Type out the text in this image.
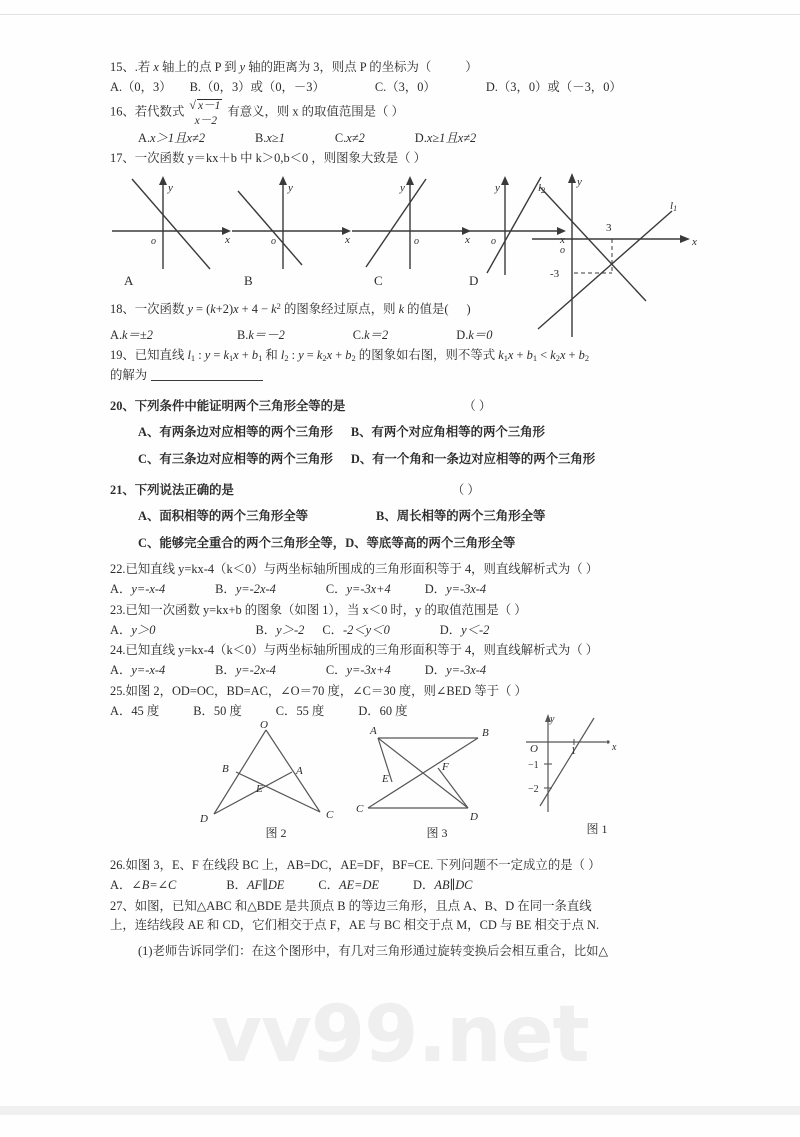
vv99.net
15、.若 x 轴上的点 P 到 y 轴的距离为 3，则点 P 的坐标为（	）
A.（0，3） B.（0，3）或（0，－3）	C.（3，0）	D.（3，0）或（－3，0）
16、若代数式 √ x－1
x－2
有意义，则 x 的取值范围是（ ）
A.x＞1且x≠2	B.x≥1	C.x≠2	D.x≥1且x≠2
17、一次函数 y＝kx＋b 中 k＞0,b＜0 ，则图象大致是（ ）
y
x
o
A
y
x
o
B
y
x
o
C
y
x
o
D
y
x
o
3
-3
l2
l1
18、一次函数 $y = (k+2)x + 4 - k^2$ 的图象经过原点，则 k 的值是( )
A.k＝±2	B.k＝－2	C.k＝2	D.k＝0
19、已知直线 $l_1$ : $y = k_1x + b_1$ 和 $l_2$ : $y = k_2x + b_2$ 的图象如右图，则不等式 $k_1x + b_1 < k_2x + b_2$
的解为
20、下列条件中能证明两个三角形全等的是	（ ）
A、有两条边对应相等的两个三角形 B、有两个对应角相等的两个三角形
C、有三条边对应相等的两个三角形 D、有一个角和一条边对应相等的两个三角形
21、下列说法正确的是	（ ）
A、面积相等的两个三角形全等	B、周长相等的两个三角形全等
C、能够完全重合的两个三角形全等，D、等底等高的两个三角形全等
22.已知直线 y=kx-4（k＜0）与两坐标轴所围成的三角形面积等于 4，则直线解析式为（ ）
A．y=-x-4	B．y=-2x-4	C．y=-3x+4	D．y=-3x-4
23.已知一次函数 y=kx+b 的图象（如图 1），当 x＜0 时，y 的取值范围是（ ）
A．y＞0	B．y＞-2 C．-2＜y＜0	D．y＜-2
24.已知直线 y=kx-4（k＜0）与两坐标轴所围成的三角形面积等于 4，则直线解析式为（ ）
A．y=-x-4	B．y=-2x-4	C．y=-3x+4	D．y=-3x-4
25.如图 2，OD=OC，BD=AC，∠O＝70 度，∠C＝30 度，则∠BED 等于（ ）
A．45 度	B．50 度	C．55 度	D．60 度
O
B	A
E
D	C
图 2
A	B
E
F
C
D
图 3
y
x
O	1
−1
−2
图 1
26.如图 3，E、F 在线段 BC 上，AB=DC，AE=DF，BF=CE. 下列问题不一定成立的是（ ）
A．∠B=∠C	B．AF∥DE	C．AE=DE	D．AB∥DC
27、如图，已知△ABC 和△BDE 是共顶点 B 的等边三角形，且点 A、B、D 在同一条直线
上，连结线段 AE 和 CD，它们相交于点 F，AE 与 BC 相交于点 M，CD 与 BE 相交于点 N.
(1)老师告诉同学们：在这个图形中，有几对三角形通过旋转变换后会相互重合，比如△
